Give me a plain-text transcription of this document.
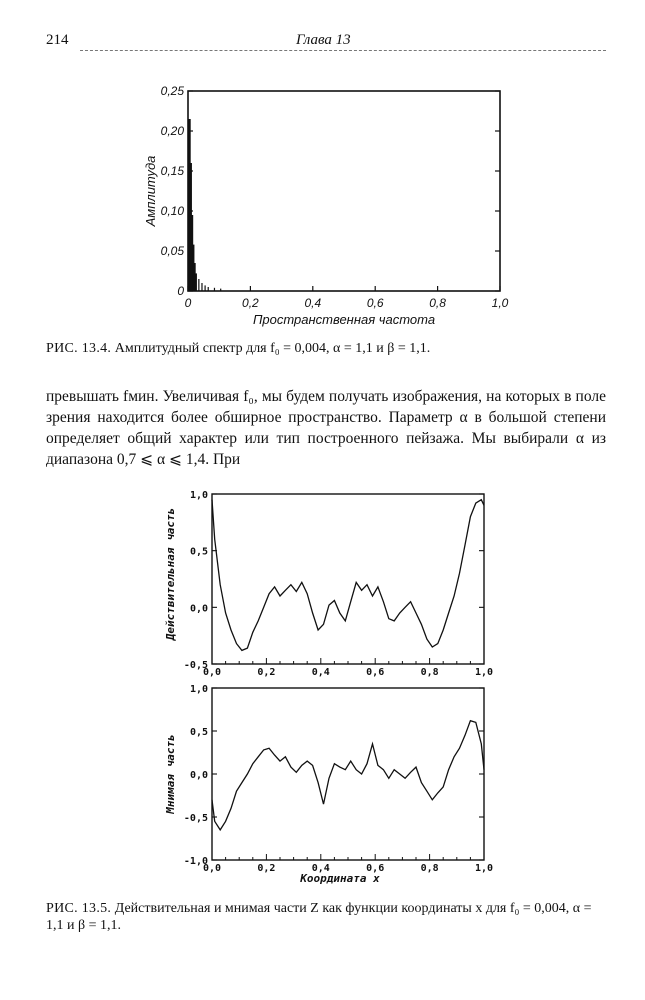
214	Глава 13
0
0,05
0,10
0,15
0,20
0,25
0	0,2	0,4	0,6	0,8	1,0
Пространственная частота
Амплитуда
РИС. 13.4. Амплитудный спектр для f₀ = 0,004, α = 1,1 и β = 1,1.

превышать fмин. Увеличивая f₀, мы будем получать изображения, на которых в поле зрения находится более обширное пространство. Параметр α в большой степени определяет общий характер или тип построенного пейзажа. Мы выбирали α из диапазона 0,7 ⩽ α ⩽ 1,4. При

-0,5
0,0
0,5
1,0
0,0	0,2	0,4	0,6	0,8	1,0
-1,0
-0,5
0,0
0,5
1,0
0,0	0,2	0,4	0,6	0,8	1,0
Действительная часть
Мнимая часть
Координата x
РИС. 13.5. Действительная и мнимая части Z как функции координаты x для f₀ = 0,004, α = 1,1 и β = 1,1.
